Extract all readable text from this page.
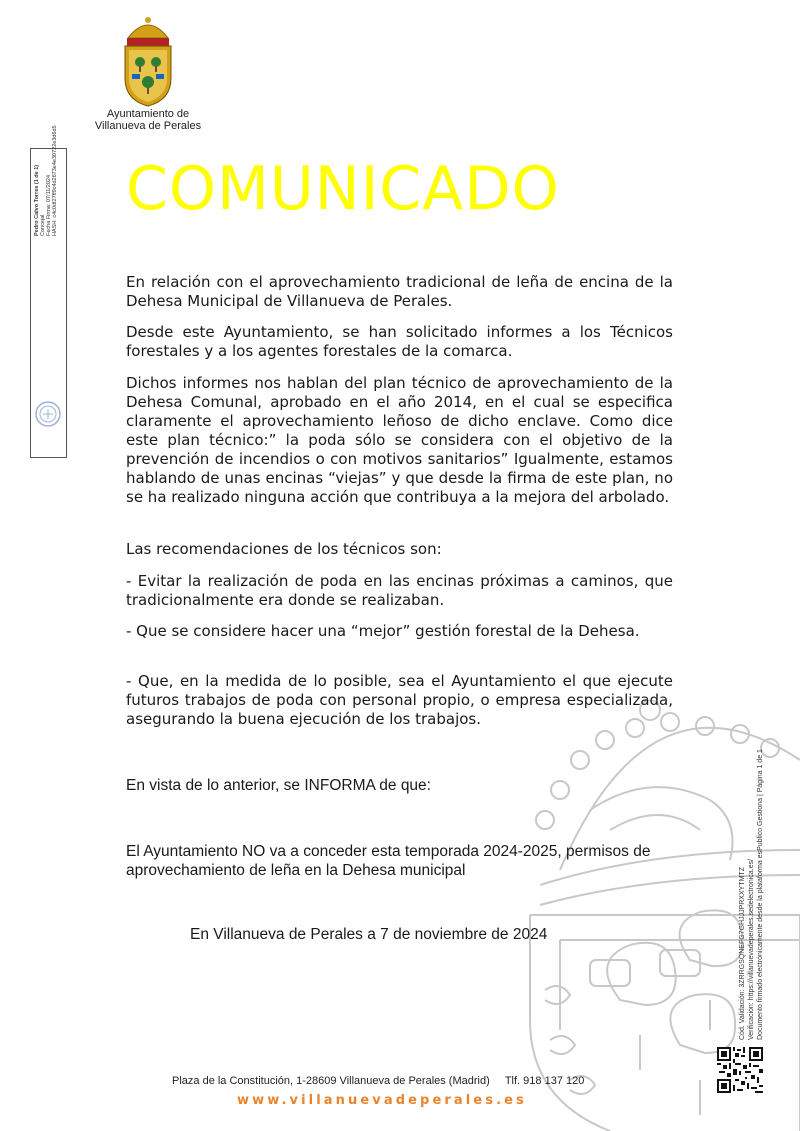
Ayuntamiento de
Villanueva de Perales
Pedro Calvo Torres (1 de 1) Concejal Fecha Firma: 07/11/2024 HASH: c4c0df27ff9c4d2673e4e30722e3d6d5 COMUNICADO

En relación con el aprovechamiento tradicional de leña de encina de la Dehesa Municipal de Villanueva de Perales.

Desde este Ayuntamiento, se han solicitado informes a los Técnicos forestales y a los agentes forestales de la comarca.

Dichos informes nos hablan del plan técnico de aprovechamiento de la Dehesa Comunal, aprobado en el año 2014, en el cual se especifica claramente el aprovechamiento leñoso de dicho enclave. Como dice este plan técnico:” la poda sólo se considera con el objetivo de la prevención de incendios o con motivos sanitarios” Igualmente, estamos hablando de unas encinas “viejas” y que desde la firma de este plan, no se ha realizado ninguna acción que contribuya a la mejora del arbolado.

Las recomendaciones de los técnicos son:

- Evitar la realización de poda en las encinas próximas a caminos, que tradicionalmente era donde se realizaban.

- Que se considere hacer una “mejor” gestión forestal de la Dehesa.

- Que, en la medida de lo posible, sea el Ayuntamiento el que ejecute futuros trabajos de poda con personal propio, o empresa especializada, asegurando la buena ejecución de los trabajos.

En vista de lo anterior, se INFORMA de que:

El Ayuntamiento NO va a conceder esta temporada 2024-2025, permisos de aprovechamiento de leña en la Dehesa municipal

En Villanueva de Perales a 7 de noviembre de 2024	Cód. Validación: 3ZRRGSQNEFG7GHJJJPRXXYTMTZ Verificación: https://villanuevadeperales.sedelectronica.es/ Documento firmado electrónicamente desde la plataforma esPublico Gestiona | Página 1 de 1

Plaza de la Constitución, 1-28609 Villanueva de Perales (Madrid)     Tlf. 918 137 120

www.villanuevadeperales.es
